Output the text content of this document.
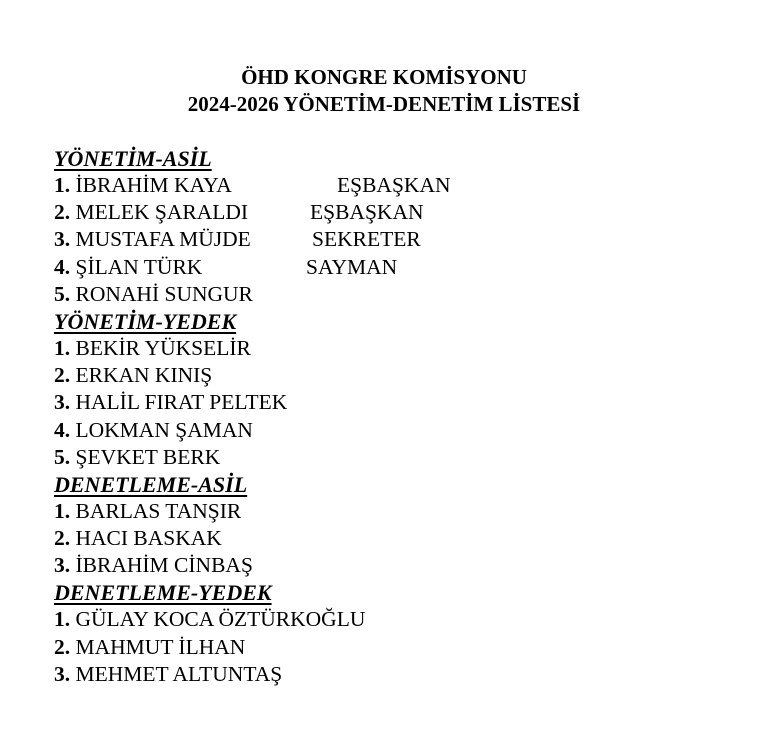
ÖHD KONGRE KOMİSYONU
2024-2026 YÖNETİM-DENETİM LİSTESİ
YÖNETİM-ASİL
1. İBRAHİM KAYA	EŞBAŞKAN
2. MELEK ŞARALDI	EŞBAŞKAN
3. MUSTAFA MÜJDE	SEKRETER
4. ŞİLAN TÜRK	SAYMAN
5. RONAHİ SUNGUR
YÖNETİM-YEDEK
1. BEKİR YÜKSELİR
2. ERKAN KINIŞ
3. HALİL FIRAT PELTEK
4. LOKMAN ŞAMAN
5. ŞEVKET BERK
DENETLEME-ASİL
1. BARLAS TANŞIR
2. HACI BASKAK
3. İBRAHİM CİNBAŞ
DENETLEME-YEDEK
1. GÜLAY KOCA ÖZTÜRKOĞLU
2. MAHMUT İLHAN
3. MEHMET ALTUNTAŞ
